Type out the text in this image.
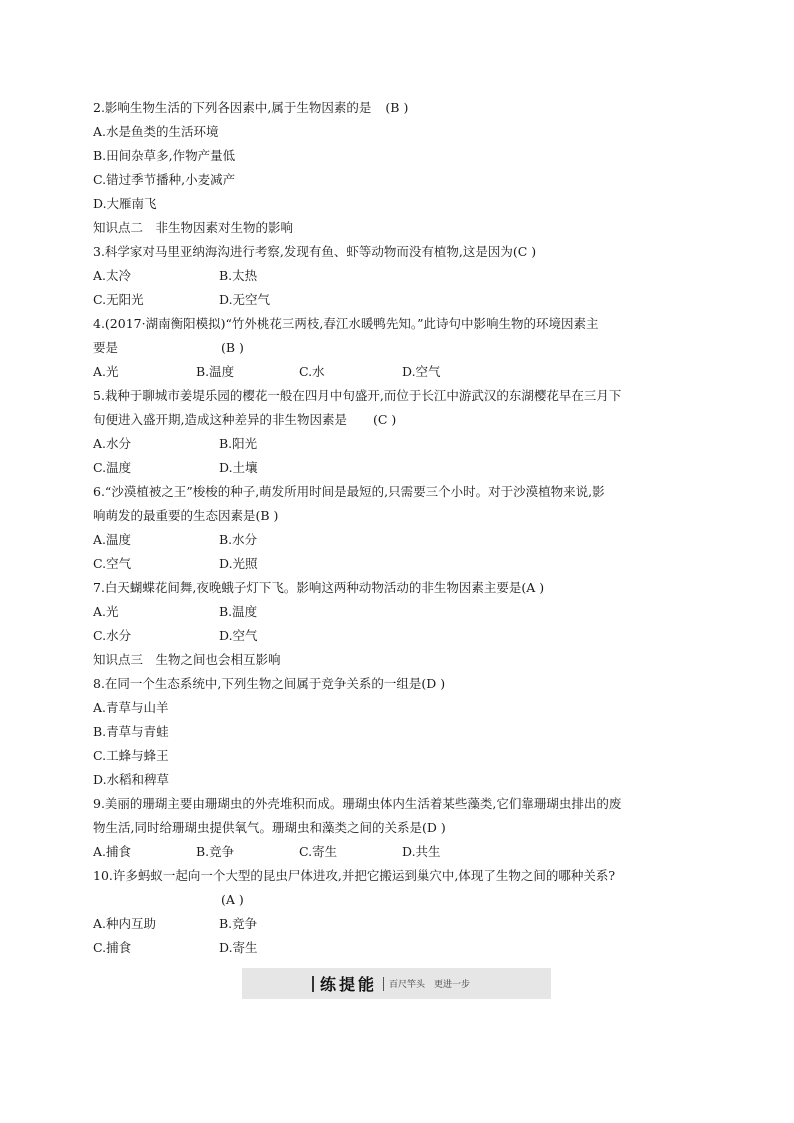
2.影响生物生活的下列各因素中,属于生物因素的是 (B )
A.水是鱼类的生活环境
B.田间杂草多,作物产量低
C.错过季节播种,小麦减产
D.大雁南飞
知识点二　非生物因素对生物的影响
3.科学家对马里亚纳海沟进行考察,发现有鱼、虾等动物而没有植物,这是因为(C )
A.太冷	B.太热
C.无阳光	D.无空气
4.(2017·湖南衡阳模拟)“竹外桃花三两枝,春江水暖鸭先知。”此诗句中影响生物的环境因素主
要是	(B )
A.光	B.温度	C.水	D.空气
5.栽种于聊城市姜堤乐园的樱花一般在四月中旬盛开,而位于长江中游武汉的东湖樱花早在三月下
旬便进入盛开期,造成这种差异的非生物因素是 (C )
A.水分	B.阳光
C.温度	D.土壤
6.“沙漠植被之王”梭梭的种子,萌发所用时间是最短的,只需要三个小时。对于沙漠植物来说,影
响萌发的最重要的生态因素是(B )
A.温度	B.水分
C.空气	D.光照
7.白天蝴蝶花间舞,夜晚蛾子灯下飞。影响这两种动物活动的非生物因素主要是(A )
A.光	B.温度
C.水分	D.空气
知识点三　生物之间也会相互影响
8.在同一个生态系统中,下列生物之间属于竞争关系的一组是(D )
A.青草与山羊
B.青草与青蛙
C.工蜂与蜂王
D.水稻和稗草
9.美丽的珊瑚主要由珊瑚虫的外壳堆积而成。珊瑚虫体内生活着某些藻类,它们靠珊瑚虫排出的废
物生活,同时给珊瑚虫提供氧气。珊瑚虫和藻类之间的关系是(D )
A.捕食	B.竞争	C.寄生	D.共生
10.许多蚂蚁一起向一个大型的昆虫尸体进攻,并把它搬运到巢穴中,体现了生物之间的哪种关系?
(A )
A.种内互助	B.竞争
C.捕食	D.寄生
练提能 百尺竿头　更进一步
